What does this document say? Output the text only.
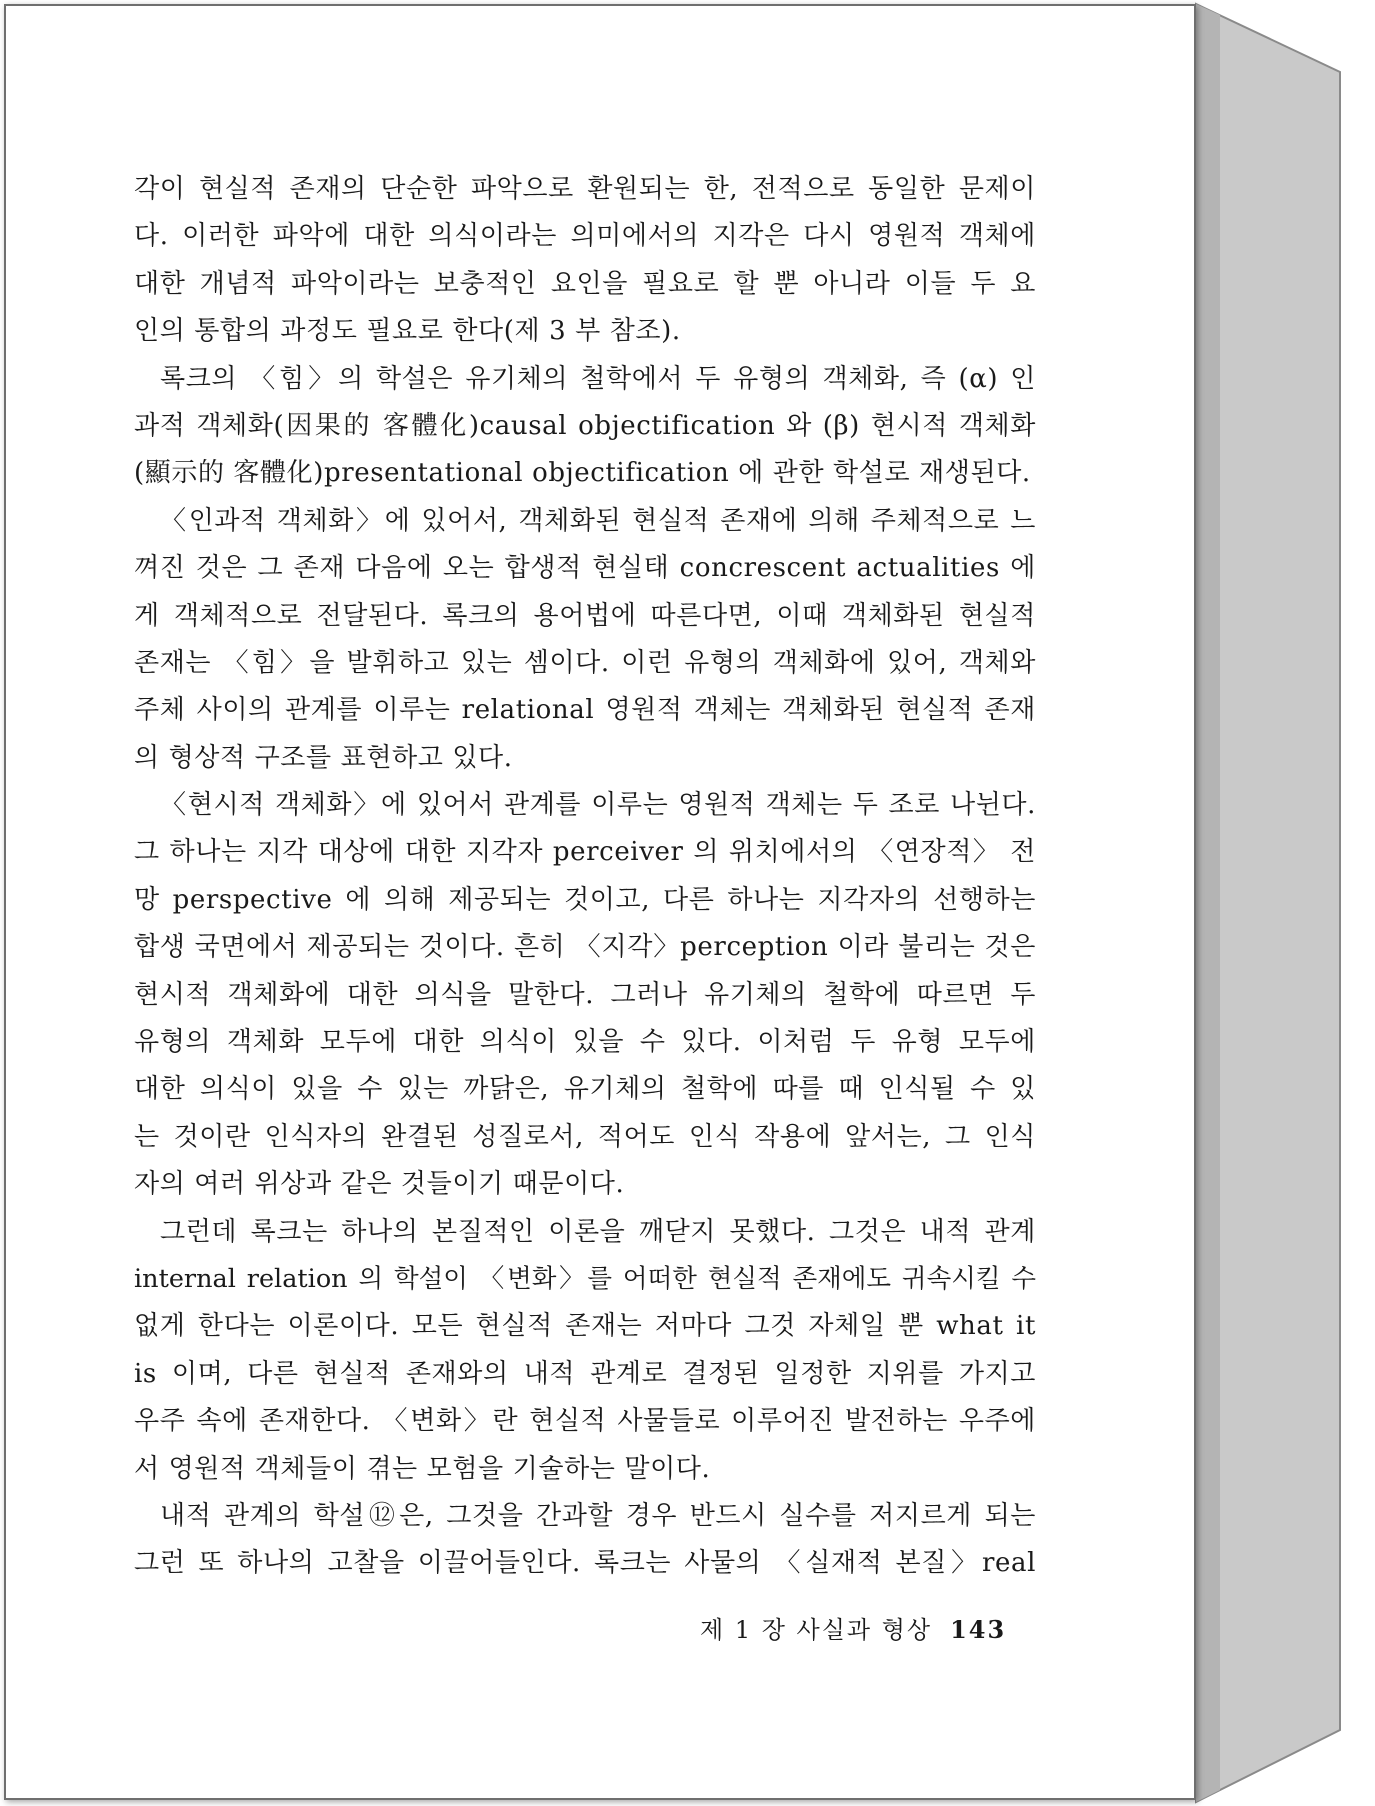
각이 현실적 존재의 단순한 파악으로 환원되는 한, 전적으로 동일한 문제이
다. 이러한 파악에 대한 의식이라는 의미에서의 지각은 다시 영원적 객체에
대한 개념적 파악이라는 보충적인 요인을 필요로 할 뿐 아니라 이들 두 요
인의 통합의 과정도 필요로 한다(제 3 부 참조).
록크의 〈힘〉의 학설은 유기체의 철학에서 두 유형의 객체화, 즉 (α) 인
과적 객체화(因果的 客體化)causal objectification 와 (β) 현시적 객체화
(顯示的 客體化)presentational objectification 에 관한 학설로 재생된다.
〈인과적 객체화〉에 있어서, 객체화된 현실적 존재에 의해 주체적으로 느
껴진 것은 그 존재 다음에 오는 합생적 현실태 concrescent actualities 에
게 객체적으로 전달된다. 록크의 용어법에 따른다면, 이때 객체화된 현실적
존재는 〈힘〉을 발휘하고 있는 셈이다. 이런 유형의 객체화에 있어, 객체와
주체 사이의 관계를 이루는 relational 영원적 객체는 객체화된 현실적 존재
의 형상적 구조를 표현하고 있다.
〈현시적 객체화〉에 있어서 관계를 이루는 영원적 객체는 두 조로 나뉜다.
그 하나는 지각 대상에 대한 지각자 perceiver 의 위치에서의 〈연장적〉 전
망 perspective 에 의해 제공되는 것이고, 다른 하나는 지각자의 선행하는
합생 국면에서 제공되는 것이다. 흔히 〈지각〉perception 이라 불리는 것은
현시적 객체화에 대한 의식을 말한다. 그러나 유기체의 철학에 따르면 두
유형의 객체화 모두에 대한 의식이 있을 수 있다. 이처럼 두 유형 모두에
대한 의식이 있을 수 있는 까닭은, 유기체의 철학에 따를 때 인식될 수 있
는 것이란 인식자의 완결된 성질로서, 적어도 인식 작용에 앞서는, 그 인식
자의 여러 위상과 같은 것들이기 때문이다.
그런데 록크는 하나의 본질적인 이론을 깨닫지 못했다. 그것은 내적 관계
internal relation 의 학설이 〈변화〉를 어떠한 현실적 존재에도 귀속시킬 수
없게 한다는 이론이다. 모든 현실적 존재는 저마다 그것 자체일 뿐 what it
is 이며, 다른 현실적 존재와의 내적 관계로 결정된 일정한 지위를 가지고
우주 속에 존재한다. 〈변화〉란 현실적 사물들로 이루어진 발전하는 우주에
서 영원적 객체들이 겪는 모험을 기술하는 말이다.
내적 관계의 학설⑫은, 그것을 간과할 경우 반드시 실수를 저지르게 되는
그런 또 하나의 고찰을 이끌어들인다. 록크는 사물의 〈실재적 본질〉real
제 1 장 사실과 형상 143
